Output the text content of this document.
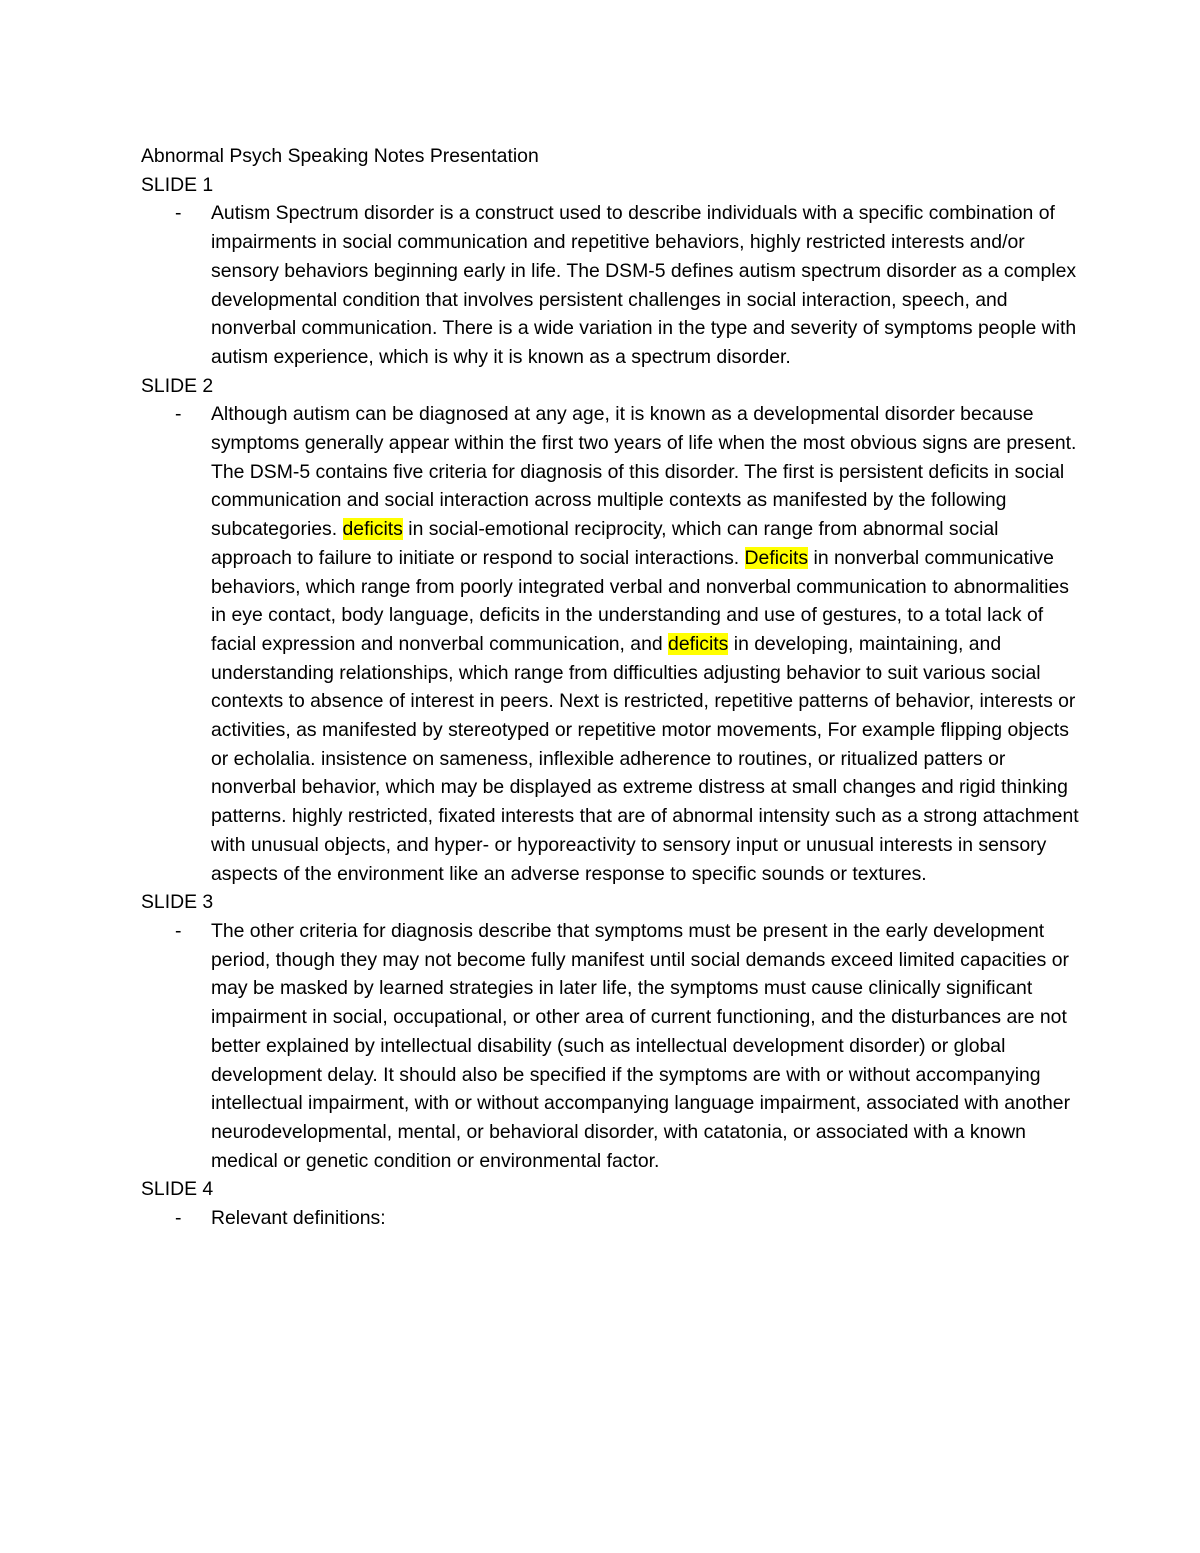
Abnormal Psych Speaking Notes Presentation

SLIDE 1

- Autism Spectrum disorder is a construct used to describe individuals with a specific combination of impairments in social communication and repetitive behaviors, highly restricted interests and/or sensory behaviors beginning early in life. The DSM-5 defines autism spectrum disorder as a complex developmental condition that involves persistent challenges in social interaction, speech, and nonverbal communication. There is a wide variation in the type and severity of symptoms people with autism experience, which is why it is known as a spectrum disorder.

SLIDE 2

- Although autism can be diagnosed at any age, it is known as a developmental disorder because symptoms generally appear within the first two years of life when the most obvious signs are present. The DSM-5 contains five criteria for diagnosis of this disorder. The first is persistent deficits in social communication and social interaction across multiple contexts as manifested by the following subcategories. deficits in social-emotional reciprocity, which can range from abnormal social approach to failure to initiate or respond to social interactions. Deficits in nonverbal communicative behaviors, which range from poorly integrated verbal and nonverbal communication to abnormalities in eye contact, body language, deficits in the understanding and use of gestures, to a total lack of facial expression and nonverbal communication, and deficits in developing, maintaining, and understanding relationships, which range from difficulties adjusting behavior to suit various social contexts to absence of interest in peers. Next is restricted, repetitive patterns of behavior, interests or activities, as manifested by stereotyped or repetitive motor movements, For example flipping objects or echolalia. insistence on sameness, inflexible adherence to routines, or ritualized patters or nonverbal behavior, which may be displayed as extreme distress at small changes and rigid thinking patterns. highly restricted, fixated interests that are of abnormal intensity such as a strong attachment with unusual objects, and hyper- or hyporeactivity to sensory input or unusual interests in sensory aspects of the environment like an adverse response to specific sounds or textures.

SLIDE 3

- The other criteria for diagnosis describe that symptoms must be present in the early development period, though they may not become fully manifest until social demands exceed limited capacities or may be masked by learned strategies in later life, the symptoms must cause clinically significant impairment in social, occupational, or other area of current functioning, and the disturbances are not better explained by intellectual disability (such as intellectual development disorder) or global development delay. It should also be specified if the symptoms are with or without accompanying intellectual impairment, with or without accompanying language impairment, associated with another neurodevelopmental, mental, or behavioral disorder, with catatonia, or associated with a known medical or genetic condition or environmental factor.

SLIDE 4

- Relevant definitions:
